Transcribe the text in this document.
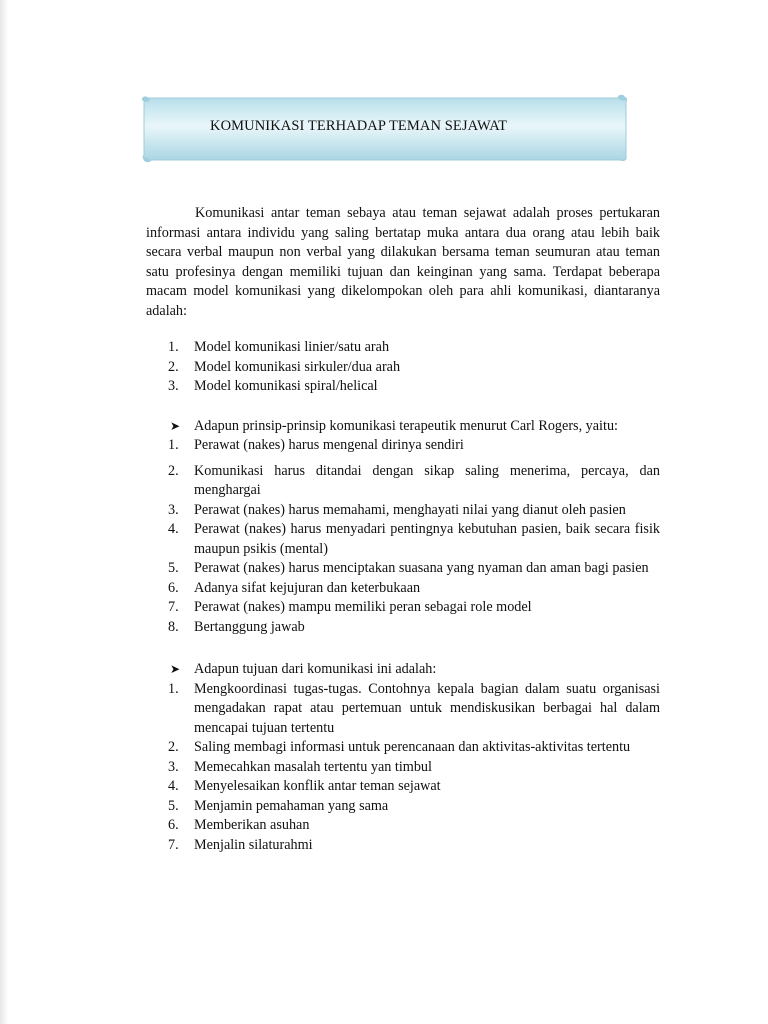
KOMUNIKASI TERHADAP TEMAN SEJAWAT

Komunikasi antar teman sebaya atau teman sejawat adalah proses pertukaran informasi antara individu yang saling bertatap muka antara dua orang atau lebih baik secara verbal maupun non verbal yang dilakukan bersama teman seumuran atau teman satu profesinya dengan memiliki tujuan dan keinginan yang sama. Terdapat beberapa macam model komunikasi yang dikelompokan oleh para ahli komunikasi, diantaranya adalah:

1. Model komunikasi linier/satu arah
2. Model komunikasi sirkuler/dua arah
3. Model komunikasi spiral/helical
➤ Adapun prinsip-prinsip komunikasi terapeutik menurut Carl Rogers, yaitu:
1. Perawat (nakes) harus mengenal dirinya sendiri
2. Komunikasi harus ditandai dengan sikap saling menerima, percaya, dan menghargai
3. Perawat (nakes) harus memahami, menghayati nilai yang dianut oleh pasien
4. Perawat (nakes) harus menyadari pentingnya kebutuhan pasien, baik secara fisik maupun psikis (mental)
5. Perawat (nakes) harus menciptakan suasana yang nyaman dan aman bagi pasien
6. Adanya sifat kejujuran dan keterbukaan
7. Perawat (nakes) mampu memiliki peran sebagai role model
8. Bertanggung jawab
➤ Adapun tujuan dari komunikasi ini adalah:
1. Mengkoordinasi tugas-tugas. Contohnya kepala bagian dalam suatu organisasi mengadakan rapat atau pertemuan untuk mendiskusikan berbagai hal dalam mencapai tujuan tertentu
2. Saling membagi informasi untuk perencanaan dan aktivitas-aktivitas tertentu
3. Memecahkan masalah tertentu yan timbul
4. Menyelesaikan konflik antar teman sejawat
5. Menjamin pemahaman yang sama
6. Memberikan asuhan
7. Menjalin silaturahmi
